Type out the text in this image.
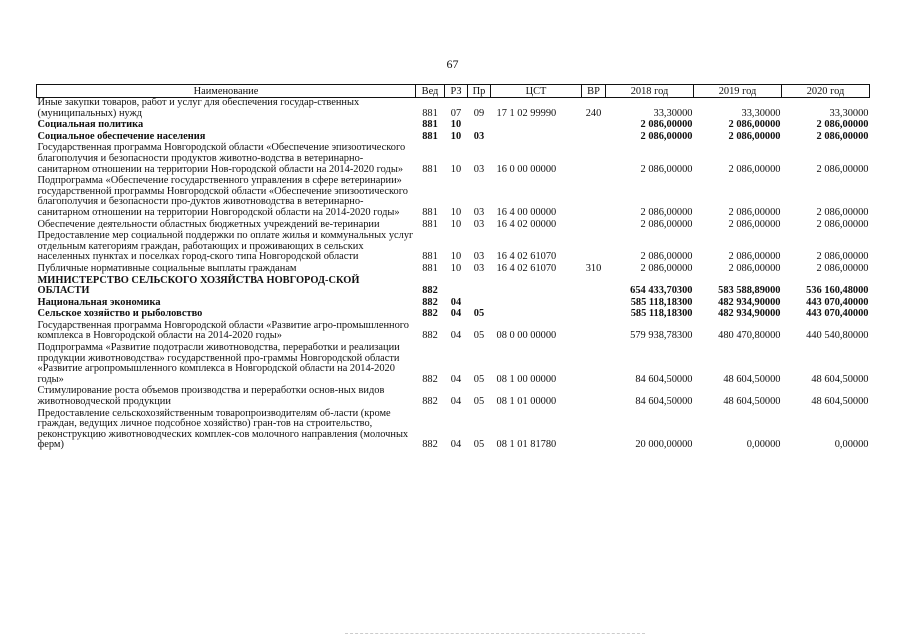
67
Наименование	Вед	РЗ	Пр	ЦСТ	ВР	2018 год	2019 год	2020 год
Иные закупки товаров, работ и услуг для обеспечения государ-ственных (муниципальных) нужд	881	07	09	17 1 02 99990	240	33,30000	33,30000	33,30000
Социальная политика	881	10				2 086,00000	2 086,00000	2 086,00000
Социальное обеспечение населения	881	10	03			2 086,00000	2 086,00000	2 086,00000
Государственная программа Новгородской области «Обеспечение эпизоотического благополучия и безопасности продуктов животно-водства в ветеринарно-санитарном отношении на территории Нов-городской области на 2014-2020 годы»	881	10	03	16 0 00 00000		2 086,00000	2 086,00000	2 086,00000
Подпрограмма «Обеспечение государственного управления в сфере ветеринарии» государственной программы Новгородской области «Обеспечение эпизоотического благополучия и безопасности про-дуктов животноводства в ветеринарно-санитарном отношении на территории Новгородской области на 2014-2020 годы»	881	10	03	16 4 00 00000		2 086,00000	2 086,00000	2 086,00000
Обеспечение деятельности областных бюджетных учреждений ве-теринарии	881	10	03	16 4 02 00000		2 086,00000	2 086,00000	2 086,00000
Предоставление мер социальной поддержки по оплате жилья и коммунальных услуг отдельным категориям граждан, работающих и проживающих в сельских населенных пунктах и поселках город-ского типа Новгородской области	881	10	03	16 4 02 61070		2 086,00000	2 086,00000	2 086,00000
Публичные нормативные социальные выплаты гражданам	881	10	03	16 4 02 61070	310	2 086,00000	2 086,00000	2 086,00000
МИНИСТЕРСТВО СЕЛЬСКОГО ХОЗЯЙСТВА НОВГОРОД-СКОЙ ОБЛАСТИ	882					654 433,70300	583 588,89000	536 160,48000
Национальная экономика	882	04				585 118,18300	482 934,90000	443 070,40000
Сельское хозяйство и рыболовство	882	04	05			585 118,18300	482 934,90000	443 070,40000
Государственная программа Новгородской области «Развитие агро-промышленного комплекса в Новгородской области на 2014-2020 годы»	882	04	05	08 0 00 00000		579 938,78300	480 470,80000	440 540,80000
Подпрограмма «Развитие подотрасли животноводства, переработки и реализации продукции животноводства» государственной про-граммы Новгородской области «Развитие агропромышленного комплекса в Новгородской области на 2014-2020 годы»	882	04	05	08 1 00 00000		84 604,50000	48 604,50000	48 604,50000
Стимулирование роста объемов производства и переработки основ-ных видов животноводческой продукции	882	04	05	08 1 01 00000		84 604,50000	48 604,50000	48 604,50000
Предоставление сельскохозяйственным товаропроизводителям об-ласти (кроме граждан, ведущих личное подсобное хозяйство) гран-тов на строительство, реконструкцию животноводческих комплек-сов молочного направления (молочных ферм)	882	04	05	08 1 01 81780		20 000,00000	0,00000	0,00000
